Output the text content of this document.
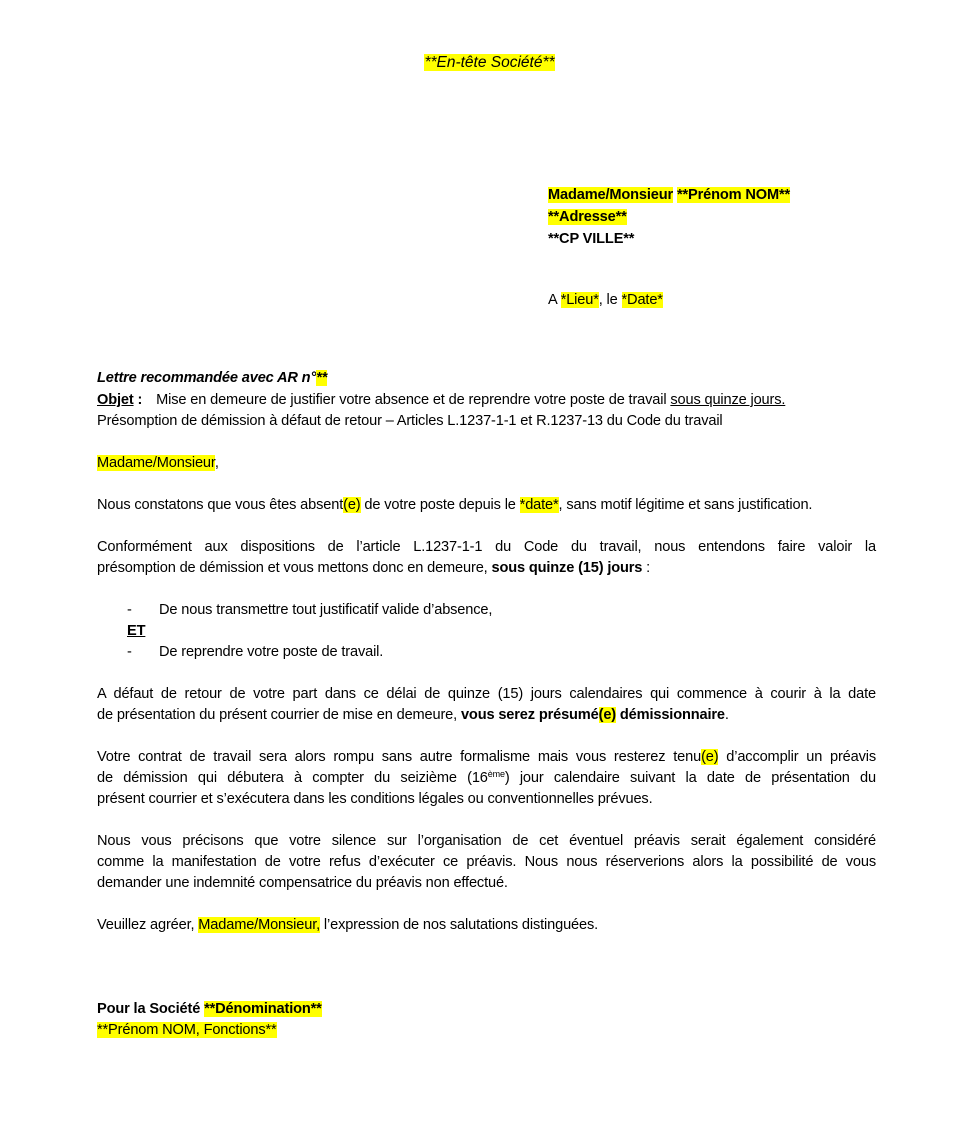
**En-tête Société**
Madame/Monsieur **Prénom NOM**
**Adresse**
**CP VILLE**
A *Lieu*, le *Date*
Lettre recommandée avec AR n°**
Objet : Mise en demeure de justifier votre absence et de reprendre votre poste de travail sous quinze jours.
Présomption de démission à défaut de retour – Articles L.1237-1-1 et R.1237-13 du Code du travail
Madame/Monsieur,
Nous constatons que vous êtes absent(e) de votre poste depuis le *date*, sans motif légitime et sans justification.
Conformément aux dispositions de l’article L.1237-1-1 du Code du travail, nous entendons faire valoir la
présomption de démission et vous mettons donc en demeure, sous quinze (15) jours :
- De nous transmettre tout justificatif valide d’absence,
ET
- De reprendre votre poste de travail.
A défaut de retour de votre part dans ce délai de quinze (15) jours calendaires qui commence à courir à la date
de présentation du présent courrier de mise en demeure, vous serez présumé(e) démissionnaire.
Votre contrat de travail sera alors rompu sans autre formalisme mais vous resterez tenu(e) d’accomplir un préavis
de démission qui débutera à compter du seizième (16ème) jour calendaire suivant la date de présentation du
présent courrier et s’exécutera dans les conditions légales ou conventionnelles prévues.
Nous vous précisons que votre silence sur l’organisation de cet éventuel préavis serait également considéré
comme la manifestation de votre refus d’exécuter ce préavis. Nous nous réserverions alors la possibilité de vous
demander une indemnité compensatrice du préavis non effectué.
Veuillez agréer, Madame/Monsieur, l’expression de nos salutations distinguées.
Pour la Société **Dénomination**
**Prénom NOM, Fonctions**
